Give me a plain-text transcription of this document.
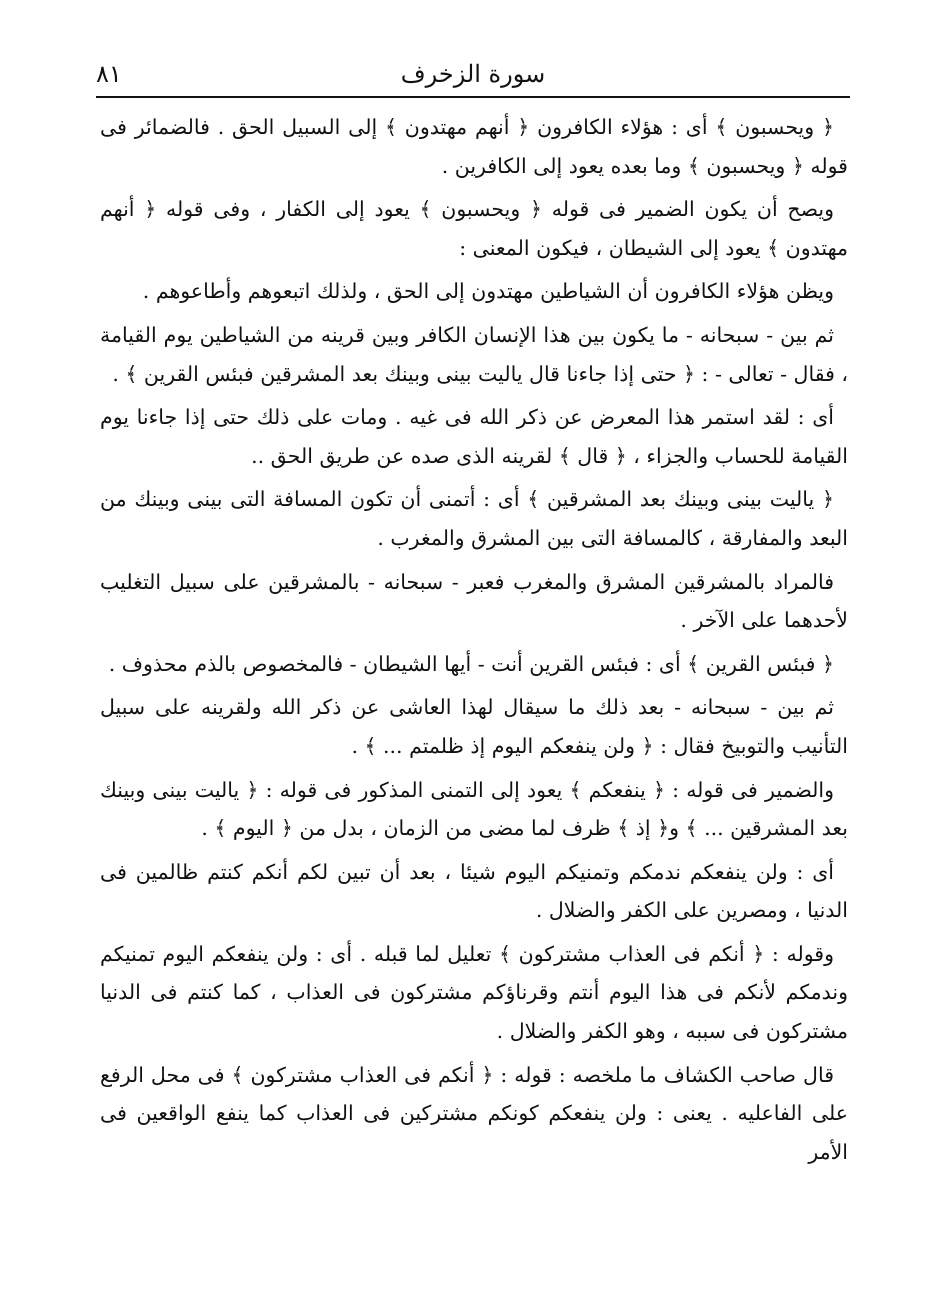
سورة الزخرف
٨١

﴿ ويحسبون ﴾ أى : هؤلاء الكافرون ﴿ أنهم مهتدون ﴾ إلى السبيل الحق . فالضمائر فى قوله ﴿ ويحسبون ﴾ وما بعده يعود إلى الكافرين .

ويصح أن يكون الضمير فى قوله ﴿ ويحسبون ﴾ يعود إلى الكفار ، وفى قوله ﴿ أنهم مهتدون ﴾ يعود إلى الشيطان ، فيكون المعنى :

ويظن هؤلاء الكافرون أن الشياطين مهتدون إلى الحق ، ولذلك اتبعوهم وأطاعوهم .

ثم بين - سبحانه - ما يكون بين هذا الإنسان الكافر وبين قرينه من الشياطين يوم القيامة ، فقال - تعالى - : ﴿ حتى إذا جاءنا قال ياليت بينى وبينك بعد المشرقين فبئس القرين ﴾ .

أى : لقد استمر هذا المعرض عن ذكر الله فى غيه . ومات على ذلك حتى إذا جاءنا يوم القيامة للحساب والجزاء ، ﴿ قال ﴾ لقرينه الذى صده عن طريق الحق ..

﴿ ياليت بينى وبينك بعد المشرقين ﴾ أى : أتمنى أن تكون المسافة التى بينى وبينك من البعد والمفارقة ، كالمسافة التى بين المشرق والمغرب .

فالمراد بالمشرقين المشرق والمغرب فعبر - سبحانه - بالمشرقين على سبيل التغليب لأحدهما على الآخر .

﴿ فبئس القرين ﴾ أى : فبئس القرين أنت - أيها الشيطان - فالمخصوص بالذم محذوف .

ثم بين - سبحانه - بعد ذلك ما سيقال لهذا العاشى عن ذكر الله ولقرينه على سبيل التأنيب والتوبيخ فقال : ﴿ ولن ينفعكم اليوم إذ ظلمتم ... ﴾ .

والضمير فى قوله : ﴿ ينفعكم ﴾ يعود إلى التمنى المذكور فى قوله : ﴿ ياليت بينى وبينك بعد المشرقين ... ﴾ و﴿ إذ ﴾ ظرف لما مضى من الزمان ، بدل من ﴿ اليوم ﴾ .

أى : ولن ينفعكم ندمكم وتمنيكم اليوم شيئا ، بعد أن تبين لكم أنكم كنتم ظالمين فى الدنيا ، ومصرين على الكفر والضلال .

وقوله : ﴿ أنكم فى العذاب مشتركون ﴾ تعليل لما قبله . أى : ولن ينفعكم اليوم تمنيكم وندمكم لأنكم فى هذا اليوم أنتم وقرناؤكم مشتركون فى العذاب ، كما كنتم فى الدنيا مشتركون فى سببه ، وهو الكفر والضلال .

قال صاحب الكشاف ما ملخصه : قوله : ﴿ أنكم فى العذاب مشتركون ﴾ فى محل الرفع على الفاعليه . يعنى : ولن ينفعكم كونكم مشتركين فى العذاب كما ينفع الواقعين فى الأمر
